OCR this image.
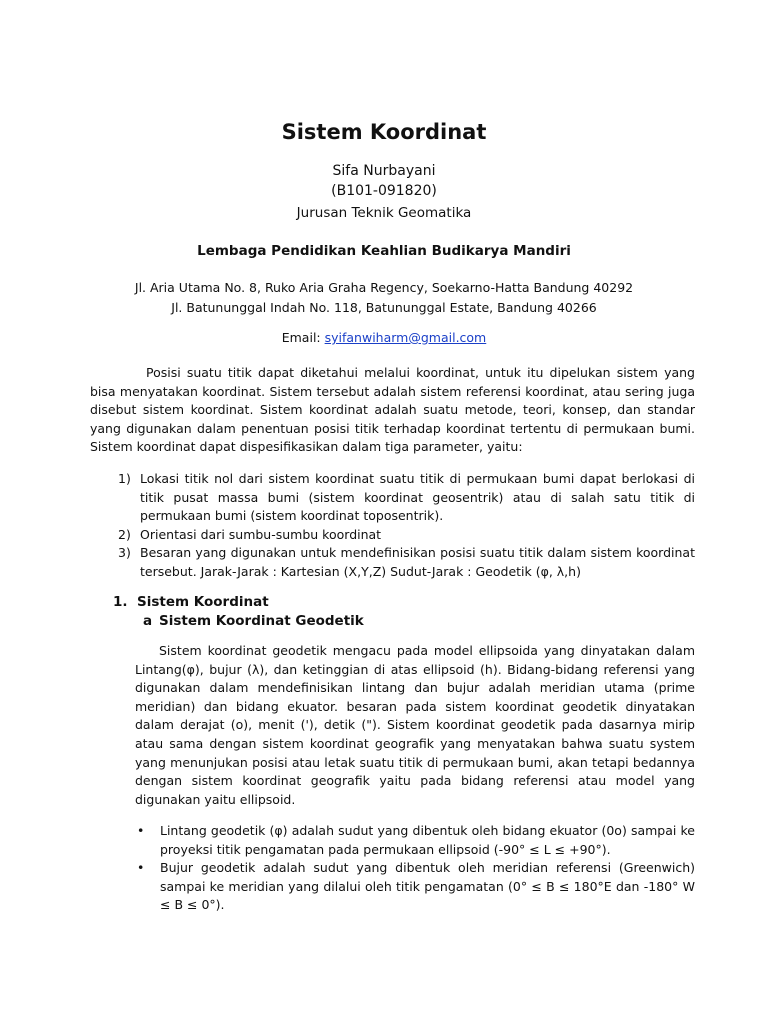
Sistem Koordinat
Sifa Nurbayani
(B101-091820)
Jurusan Teknik Geomatika
Lembaga Pendidikan Keahlian Budikarya Mandiri
Jl. Aria Utama No. 8, Ruko Aria Graha Regency, Soekarno-Hatta Bandung 40292
Jl. Batununggal Indah No. 118, Batununggal Estate, Bandung 40266
Email: syifanwiharm@gmail.com
Posisi suatu titik dapat diketahui melalui koordinat, untuk itu dipelukan sistem yang bisa menyatakan koordinat. Sistem tersebut adalah sistem referensi koordinat, atau sering juga disebut sistem koordinat. Sistem koordinat adalah suatu metode, teori, konsep, dan standar yang digunakan dalam penentuan posisi titik terhadap koordinat tertentu di permukaan bumi. Sistem koordinat dapat dispesifikasikan dalam tiga parameter, yaitu:
1) Lokasi titik nol dari sistem koordinat suatu titik di permukaan bumi dapat berlokasi di titik pusat massa bumi (sistem koordinat geosentrik) atau di salah satu titik di permukaan bumi (sistem koordinat toposentrik).
2) Orientasi dari sumbu-sumbu koordinat
3) Besaran yang digunakan untuk mendefinisikan posisi suatu titik dalam sistem koordinat tersebut. Jarak-Jarak : Kartesian (X,Y,Z) Sudut-Jarak : Geodetik (φ, λ,h)
1. Sistem Koordinat
a Sistem Koordinat Geodetik
Sistem koordinat geodetik mengacu pada model ellipsoida yang dinyatakan dalam Lintang(φ), bujur (λ), dan ketinggian di atas ellipsoid (h). Bidang-bidang referensi yang digunakan dalam mendefinisikan lintang dan bujur adalah meridian utama (prime meridian) dan bidang ekuator. besaran pada sistem koordinat geodetik dinyatakan dalam derajat (o), menit ('), detik ("). Sistem koordinat geodetik pada dasarnya mirip atau sama dengan sistem koordinat geografik yang menyatakan bahwa suatu system yang menunjukan posisi atau letak suatu titik di permukaan bumi, akan tetapi bedannya dengan sistem koordinat geografik yaitu pada bidang referensi atau model yang digunakan yaitu ellipsoid.
• Lintang geodetik (φ) adalah sudut yang dibentuk oleh bidang ekuator (0o) sampai ke proyeksi titik pengamatan pada permukaan ellipsoid (-90° ≤ L ≤ +90°).
• Bujur geodetik adalah sudut yang dibentuk oleh meridian referensi (Greenwich) sampai ke meridian yang dilalui oleh titik pengamatan (0° ≤ B ≤ 180°E dan -180° W ≤ B ≤ 0°).
